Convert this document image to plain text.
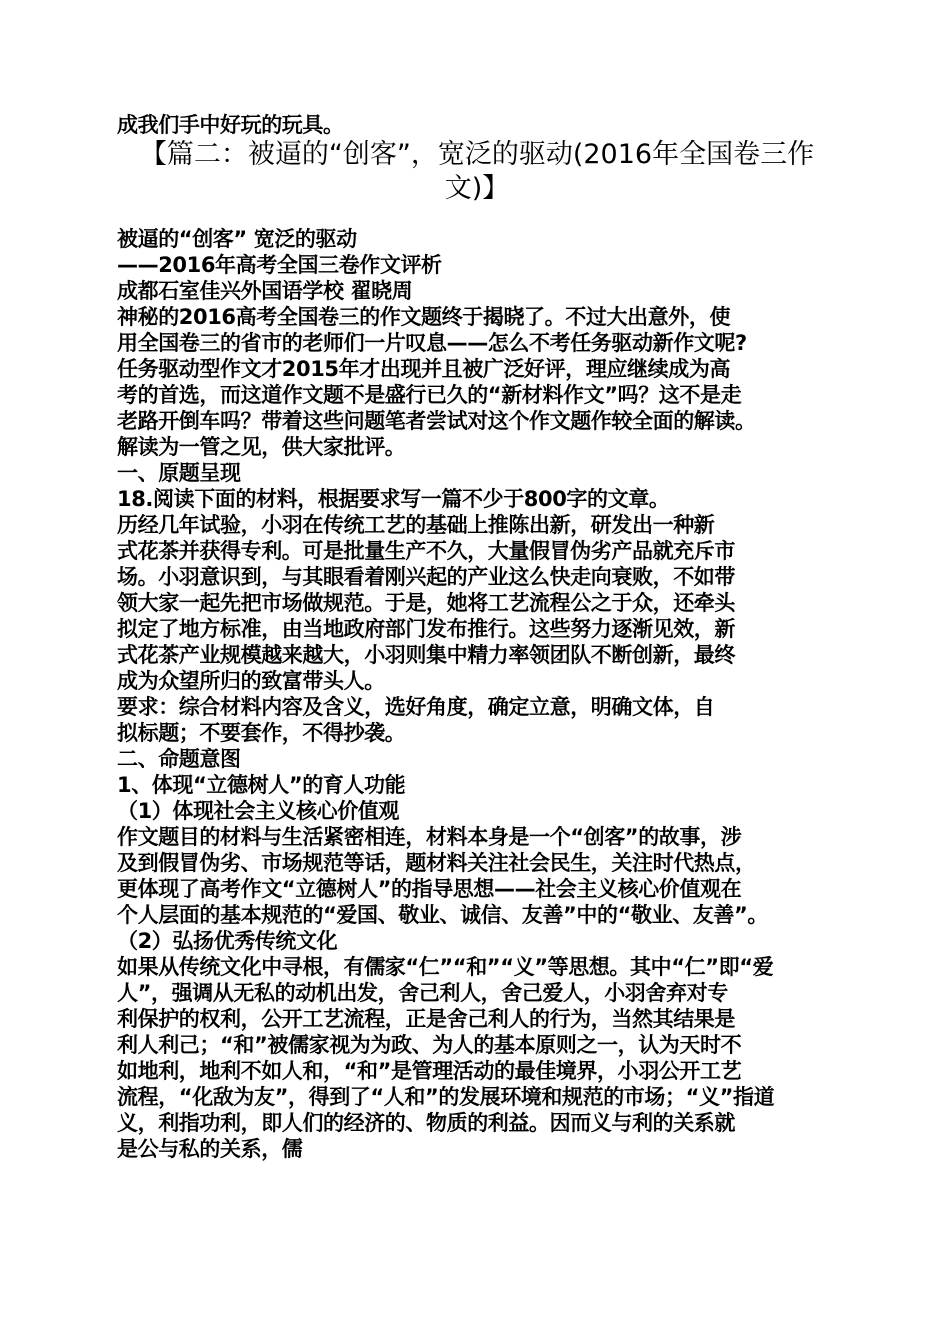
成我们手中好玩的玩具。
【篇二：被逼的“创客”，宽泛的驱动(2016年全国卷三作文)】
被逼的“创客” 宽泛的驱动
——2016年高考全国三卷作文评析
成都石室佳兴外国语学校 翟晓周
神秘的2016高考全国卷三的作文题终于揭晓了。不过大出意外，使
用全国卷三的省市的老师们一片叹息——怎么不考任务驱动新作文呢?
任务驱动型作文才2015年才出现并且被广泛好评，理应继续成为高
考的首选，而这道作文题不是盛行已久的“新材料作文”吗？这不是走
老路开倒车吗？带着这些问题笔者尝试对这个作文题作较全面的解读。
解读为一管之见，供大家批评。
一、原题呈现
18.阅读下面的材料，根据要求写一篇不少于800字的文章。
历经几年试验，小羽在传统工艺的基础上推陈出新，研发出一种新
式花茶并获得专利。可是批量生产不久，大量假冒伪劣产品就充斥市
场。小羽意识到，与其眼看着刚兴起的产业这么快走向衰败，不如带
领大家一起先把市场做规范。于是，她将工艺流程公之于众，还牵头
拟定了地方标准，由当地政府部门发布推行。这些努力逐渐见效，新
式花茶产业规模越来越大，小羽则集中精力率领团队不断创新，最终
成为众望所归的致富带头人。
要求：综合材料内容及含义，选好角度，确定立意，明确文体，自
拟标题；不要套作，不得抄袭。
二、命题意图
1、体现“立德树人”的育人功能
（1）体现社会主义核心价值观
作文题目的材料与生活紧密相连，材料本身是一个“创客”的故事，涉
及到假冒伪劣、市场规范等话，题材料关注社会民生，关注时代热点，
更体现了高考作文“立德树人”的指导思想——社会主义核心价值观在
个人层面的基本规范的“爱国、敬业、诚信、友善”中的“敬业、友善”。
（2）弘扬优秀传统文化
如果从传统文化中寻根，有儒家“仁”“和”“义”等思想。其中“仁”即“爱
人”，强调从无私的动机出发，舍己利人，舍己爱人，小羽舍弃对专
利保护的权利，公开工艺流程，正是舍己利人的行为，当然其结果是
利人利己；“和”被儒家视为为政、为人的基本原则之一，认为天时不
如地利，地利不如人和，“和”是管理活动的最佳境界，小羽公开工艺
流程，“化敌为友”，得到了“人和”的发展环境和规范的市场；“义”指道
义，利指功利，即人们的经济的、物质的利益。因而义与利的关系就
是公与私的关系，儒
